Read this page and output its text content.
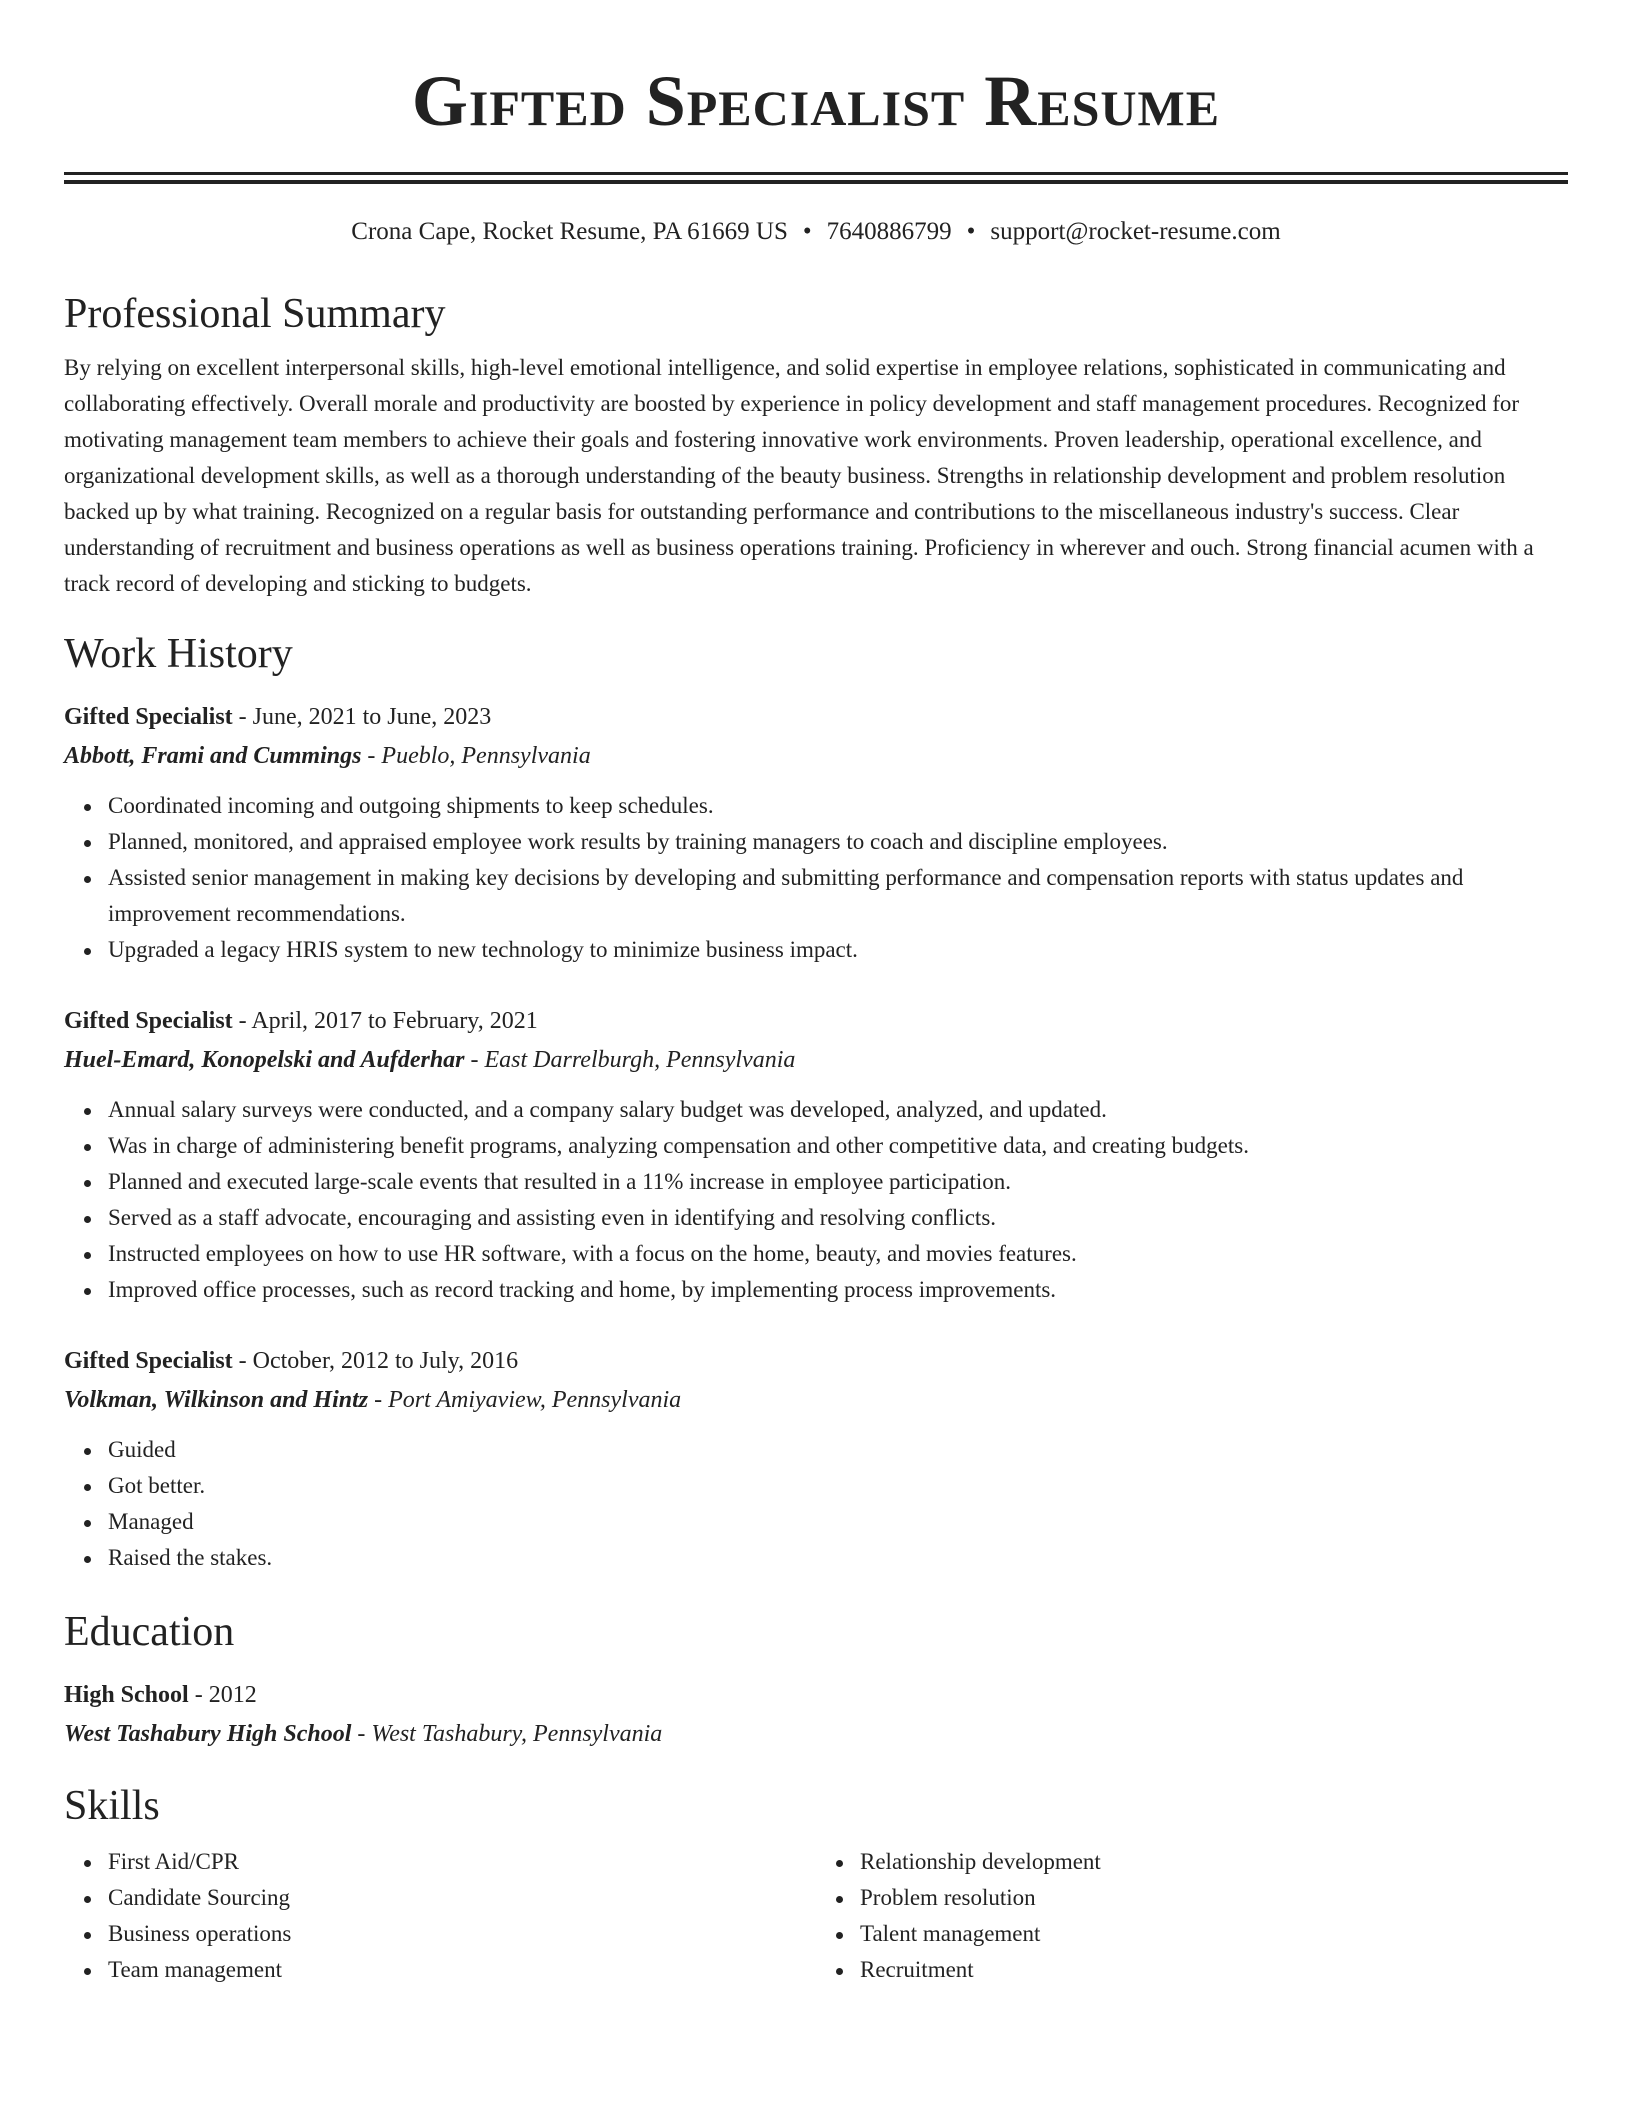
Gifted Specialist Resume
Crona Cape, Rocket Resume, PA 61669 US • 7640886799 • support@rocket-resume.com
Professional Summary

By relying on excellent interpersonal skills, high-level emotional intelligence, and solid expertise in employee relations, sophisticated in communicating and collaborating effectively. Overall morale and productivity are boosted by experience in policy development and staff management procedures. Recognized for motivating management team members to achieve their goals and fostering innovative work environments. Proven leadership, operational excellence, and organizational development skills, as well as a thorough understanding of the beauty business. Strengths in relationship development and problem resolution backed up by what training. Recognized on a regular basis for outstanding performance and contributions to the miscellaneous industry's success. Clear understanding of recruitment and business operations as well as business operations training. Proficiency in wherever and ouch. Strong financial acumen with a track record of developing and sticking to budgets.

Work History
Gifted Specialist - June, 2021 to June, 2023
Abbott, Frami and Cummings - Pueblo, Pennsylvania
Coordinated incoming and outgoing shipments to keep schedules.
Planned, monitored, and appraised employee work results by training managers to coach and discipline employees.
Assisted senior management in making key decisions by developing and submitting performance and compensation reports with status updates and improvement recommendations.
Upgraded a legacy HRIS system to new technology to minimize business impact.
Gifted Specialist - April, 2017 to February, 2021
Huel-Emard, Konopelski and Aufderhar - East Darrelburgh, Pennsylvania
Annual salary surveys were conducted, and a company salary budget was developed, analyzed, and updated.
Was in charge of administering benefit programs, analyzing compensation and other competitive data, and creating budgets.
Planned and executed large-scale events that resulted in a 11% increase in employee participation.
Served as a staff advocate, encouraging and assisting even in identifying and resolving conflicts.
Instructed employees on how to use HR software, with a focus on the home, beauty, and movies features.
Improved office processes, such as record tracking and home, by implementing process improvements.
Gifted Specialist - October, 2012 to July, 2016
Volkman, Wilkinson and Hintz - Port Amiyaview, Pennsylvania
Guided
Got better.
Managed
Raised the stakes.
Education
High School - 2012
West Tashabury High School - West Tashabury, Pennsylvania
Skills
First Aid/CPR
Candidate Sourcing
Business operations
Team management
Relationship development
Problem resolution
Talent management
Recruitment
